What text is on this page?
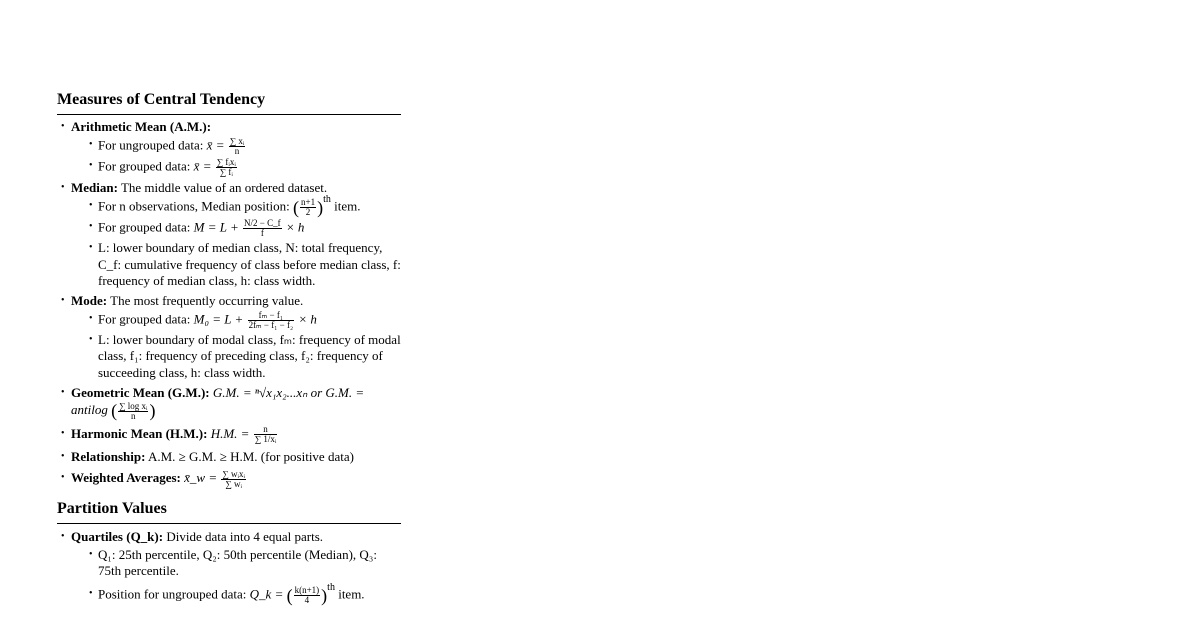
Measures of Central Tendency
• Arithmetic Mean (A.M.):
• For ungrouped data: x̄ = $\frac{\text{∑ xᵢ}}{n}$
• For grouped data: x̄ = $\frac{\text{∑ fᵢxᵢ}}{\text{∑ fᵢ}}$
• Median: The middle value of an ordered dataset.
• For n observations, Median position: ( $\frac{n+1}{2} )^{th}$ item.
• For grouped data: $M = L + \frac{N/2 - C\_f}{f} \times h$
• L: lower boundary of median class, N: total frequency, C_f: cumulative frequency of class before median class, f: frequency of median class, h: class width.
• Mode: The most frequently occurring value.
• For grouped data: $M_0 = L + \frac{\text{fₘ − f₁}}{\text{2fₘ − f₁ − f₂}} \times h$
• L: lower boundary of modal class, fₘ: frequency of modal class, f₁: frequency of preceding class, f₂: frequency of succeeding class, h: class width.
• Geometric Mean (G.M.): G.M. = ⁿ√x₁x₂...xₙ or G.M. = antilog ( $\frac{\text{∑ log xᵢ}}{n}$ )
• Harmonic Mean (H.M.): H.M. = $\frac{n}{\text{∑ 1/xᵢ}}$
• Relationship: A.M. ≥ G.M. ≥ H.M. (for positive data)
• Weighted Averages: x̄_w = $\frac{\text{∑ wᵢxᵢ}}{\text{∑ wᵢ}}$
Partition Values
• Quartiles (Q_k): Divide data into 4 equal parts.
• Q₁: 25th percentile, Q₂: 50th percentile (Median), Q₃: 75th percentile.
• Position for ungrouped data: Q_k = ( $\frac{k(n+1)}{4} )^{th}$ item.
